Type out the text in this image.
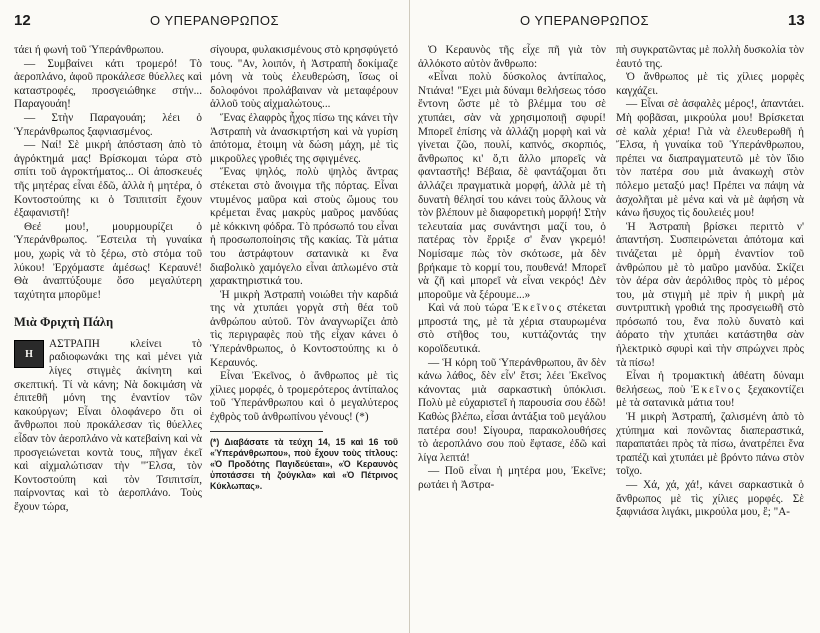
12	Ο ΥΠΕΡΑΝΘΡΩΠΟΣ

τάει ή φωνή τοῦ Ὑπεράνθρωπου.

— Συμβαίνει κάτι τρομερό! Τὸ ἀεροπλάνο, ἀφοῦ προκάλεσε θύελλες καὶ καταστροφές, προσγειώθηκε στήν... Παραγουάη!

— Στὴν Παραγουάη; λέει ὁ Ὑπεράνθρωπος ξαφνιασμένος.

— Ναί! Σὲ μικρή ἀπόσταση ἀπὸ τὸ ἀγρόκτημά μας! Βρίσκομαι τώρα στὸ σπίτι τοῦ ἀγροκτήματος... Οἱ ἀποσκευές τῆς μητέρας εἶναι ἐδῶ, ἀλλὰ ἡ μητέρα, ὁ Κοντοστούπης κι ὁ Τσιπιτσίπ ἔχουν ἐξαφανιστῆ!

Θεέ μου!, μουρμουρίζει ὁ Ὑπεράνθρωπος. Ἔστειλα τὴ γυναίκα μου, χωρὶς νὰ τὸ ξέρω, στὸ στόμα τοῦ λύκου! Ἐρχόμαστε ἀμέσως! Κεραυνέ! Θὰ ἀναπτύξουμε ὅσο μεγαλύτερη ταχύτητα μπορῦμε!

Μιὰ Φριχτὴ Πάλη

Η
ΑΣΤΡΑΠΗ κλείνει τὸ ραδιοφωνάκι της καὶ μένει γιὰ λίγες στιγμὲς ἀκίνητη καὶ σκεπτική. Τί νὰ κάνη; Νὰ δοκιμάση νὰ ἐπιτεθῆ μόνη της ἐναντίον τῶν κακούργων; Εἶναι ὁλοφάνερο ὅτι οἱ ἄνθρωποι ποὺ προκάλεσαν τὶς θύελλες εἶδαν τὸν ἀεροπλάνο νὰ κατεβαίνη καὶ νὰ προσγειώνεται κοντὰ τους, πῆγαν ἐκεῖ καὶ αἰχμαλώτισαν τὴν "Ἔλσα, τὸν Κοντοστούπη καὶ τὸν Τσιπιτσίπ, παίρνοντας καὶ τὸ ἀεροπλάνο. Τοὺς ἔχουν τώρα,

σίγουρα, φυλακισμένους στὸ κρησφύγετό τους. "Αν, λοιπόν, ἡ Ἀστραπὴ δοκίμαζε μόνη νὰ τοὺς ἐλευθερώση, ἴσως οἱ δολοφόνοι προλάβαιναν νὰ μεταφέρουν ἀλλοῦ τοὺς αἰχμαλώτους...

Ἕνας ἐλαφρὸς ἦχος πίσω της κάνει τὴν Ἀστραπὴ νὰ ἀνασκιρτήση καὶ νὰ γυρίση ἀπότομα, ἑτοιμη νὰ δώση μάχη, μὲ τὶς μικροῦλες γροθιές της σφιγμένες.

Ἕνας ψηλός, πολὺ ψηλὸς ἄντρας στέκεται στὸ ἄνοιγμα τῆς πόρτας. Εἶναι ντυμένος μαῦρα καὶ στοὺς ὤμους του κρέμεται ἕνας μακρὺς μαῦρος μανδύας μὲ κόκκινη φόδρα. Τὸ πρόσωπό του εἶναι ἡ προσωποποίησις τῆς κακίας. Τὰ μάτια του ἀστράφτουν σατανικὰ κι ἕνα διαβολικὸ χαμόγελο εἶναι ἁπλωμένο στὰ χαρακτηριστικά του.

Ἡ μικρὴ Ἀστραπὴ νοιώθει τὴν καρδιά της νὰ χτυπάει γοργὰ στὴ θέα τοῦ ἀνθρώπου αὐτοῦ. Τὸν ἀναγνωρίζει ἀπὸ τὶς περιγραφὲς ποὺ τῆς εἶχαν κάνει ὁ Ὑπεράνθρωπος, ὁ Κοντοστούπης κι ὁ Κεραυνός.

Εἶναι Ἐκεῖνος, ὁ ἄνθρωπος μὲ τὶς χίλιες μορφές, ὁ τρομερότερος ἀντίπαλος τοῦ Ὑπεράνθρωπου καὶ ὁ μεγαλύτερος ἐχθρὸς τοῦ ἀνθρωπίνου γένους! (*)

(*) Διαβάσατε τὰ τεύχη 14, 15 καὶ 16 τοῦ «Ὑπεράνθρωπου», ποὺ ἔχουν τοὺς τίτλους: «Ὁ Προδότης Παγιδεύεται», «Ὁ Κεραυνὸς ὑποτάσσει τὴ ζούγκλα» καὶ «Ὁ Πέτρινος Κύκλωπας».

Ο ΥΠΕΡΑΝΘΡΩΠΟΣ	13

Ὁ Κεραυνὸς τῆς εἶχε πῆ γιὰ τὸν ἀλλόκοτο αὐτὸν ἄνθρωπο:

«Εἶναι πολὺ δύσκολος ἀντίπαλος, Ντιάνα! "Εχει μιὰ δύναμι θελήσεως τόσο ἔντονη ὥστε μὲ τὸ βλέμμα του σὲ χτυπάει, σὰν νὰ χρησιμοποιῇ σφυρί! Μπορεῖ ἐπίσης νὰ ἀλλάζη μορφὴ καὶ νὰ γίνεται ζῶο, πουλί, καπνός, σκορπιός, ἄνθρωπος κι' ὅ,τι ἄλλο μπορεῖς νὰ φανταστῆς! Βέβαια, δὲ φαντάζομαι ὅτι ἀλλάζει πραγματικὰ μορφή, ἀλλὰ μὲ τὴ δυνατὴ θέλησί του κάνει τοὺς ἄλλους νὰ τὸν βλέπουν μὲ διαφορετικὴ μορφή! Στὴν τελευταία μας συνάντησι μαζί του, ὁ πατέρας τὸν ἔρριξε σ' ἕναν γκρεμό! Νομίσαμε πὼς τὸν σκότωσε, μὰ δὲν βρήκαμε τὸ κορμί του, πουθενά! Μπορεῖ νὰ ζῆ καὶ μπορεῖ νὰ εἶναι νεκρός! Δὲν μποροῦμε νὰ ξέρουμε...»

Καὶ νά ποὺ τώρα Ἐκεῖνος στέκεται μπροστά της, μὲ τὰ χέρια σταυρωμένα στὸ στῆθος του, κυττάζοντάς την κοροϊδευτικά.

— Ἡ κόρη τοῦ Ὑπεράνθρωπου, ἂν δὲν κάνω λάθος, δὲν εἶν' ἔτσι; λέει Ἐκεῖνος κάνοντας μιὰ σαρκαστικὴ ὑπόκλισι. Πολὺ μὲ εὐχαριστεῖ ἡ παρουσία σου ἐδῶ! Καθὼς βλέπω, εἶσαι ἀντάξια τοῦ μεγάλου πατέρα σου! Σίγουρα, παρακολουθήσες τὸ ἀεροπλάνο σου ποὺ ἔφτασε, ἐδῶ καὶ λίγα λεπτά!

— Ποῦ εἶναι ἡ μητέρα μου, Ἐκεῖνε; ρωτάει ἡ Ἀστρα-

πὴ συγκρατῶντας μὲ πολλὴ δυσκολία τὸν ἑαυτό της.

Ὁ ἄνθρωπος μὲ τὶς χίλιες μορφὲς καγχάζει.

— Εἶναι σὲ ἀσφαλὲς μέρος!, ἀπαντάει. Μὴ φοβᾶσαι, μικρούλα μου! Βρίσκεται σὲ καλὰ χέρια! Γιὰ νὰ ἐλευθερωθῆ ἡ Ἔλσα, ἡ γυναίκα τοῦ Ὑπεράνθρωπου, πρέπει να διαπραγματευτῶ μὲ τὸν ἴδιο τὸν πατέρα σου μιὰ ἀνακωχὴ στὸν πόλεμο μεταξύ μας! Πρέπει να πάψη νὰ ἀσχολῆται μὲ μένα καὶ νὰ μὲ ἀφήση νὰ κάνω ἥσυχος τὶς δουλειές μου!

Ἡ Ἀστραπὴ βρίσκει περιττὸ ν' ἀπαντήση. Συσπειρώνεται ἀπότομα καὶ τινάζεται μὲ ὁρμὴ ἐναντίον τοῦ ἀνθρώπου μὲ τὸ μαῦρο μανδύα. Σκίζει τὸν ἀέρα σὰν ἀερόλιθος πρὸς τὸ μέρος του, μὰ στιγμὴ μὲ πρὶν ἡ μικρὴ μὰ συντριπτικὴ γροθιά της προσγειωθῆ στὸ πρόσωπό του, ἕνα πολὺ δυνατὸ καὶ ἀόρατο τὴν χτυπάει κατάστηθα σὰν ἠλεκτρικὸ σφυρὶ καὶ τὴν σπρώχνει πρὸς τὰ πίσω!

Εἶναι ἡ τρομακτικὴ ἀθέατη δύναμι θελήσεως, ποὺ Ἐκεῖνος ξεχακοντίζει μὲ τὰ σατανικὰ μάτια του!

Ἡ μικρὴ Ἀστραπή, ζαλισμένη ἀπὸ τὸ χτύπημα καὶ πονῶντας διαπεραστικά, παραπατάει πρὸς τὰ πίσω, ἀνατρέπει ἕνα τραπέζι καὶ χτυπάει μὲ βρόντο πάνω στὸν τοῖχο.

— Χά, χά, χά!, κάνει σαρκαστικὰ ὁ ἄνθρωπος μὲ τὶς χίλιες μορφές. Σὲ ξαφνιάσα λιγάκι, μικρούλα μου, ἒ; "Α-
